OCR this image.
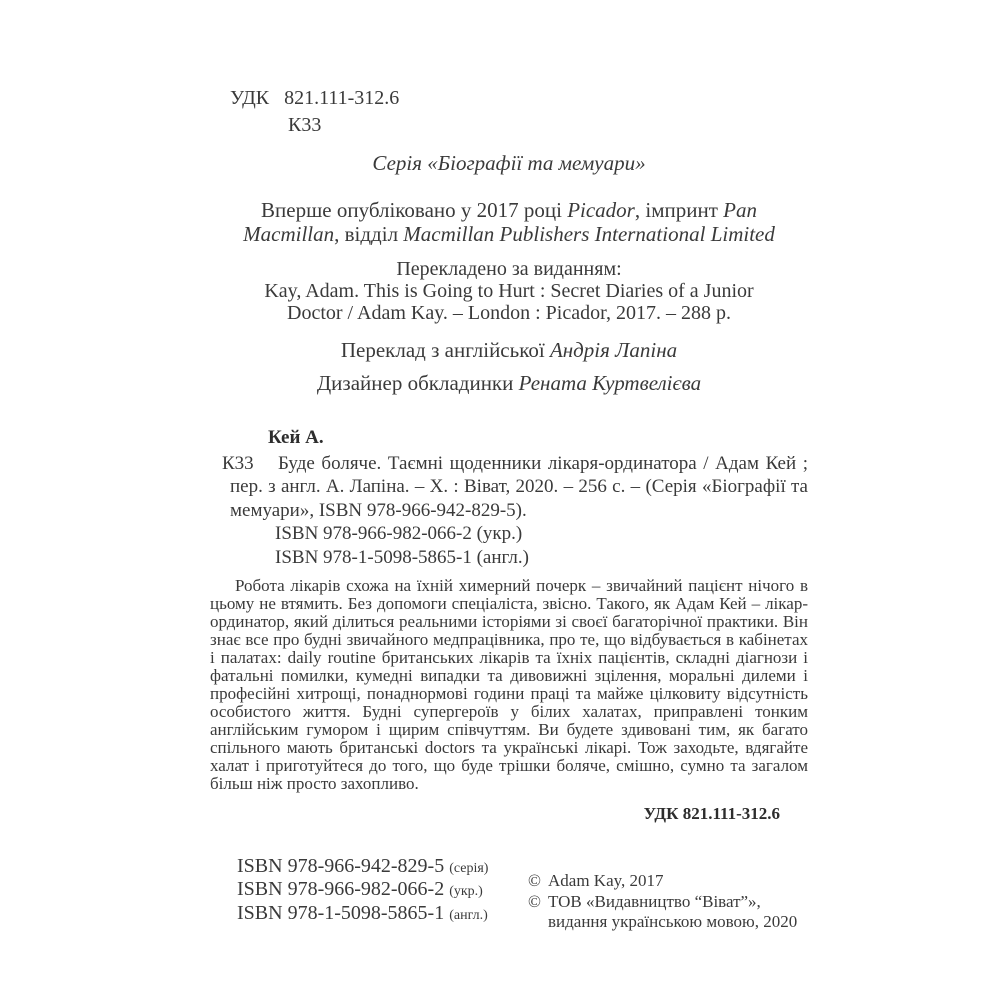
УДК 821.111-312.6
К33
Серія «Біографії та мемуари»
Вперше опубліковано у 2017 році Picador, імпринт Pan
Macmillan, відділ Macmillan Publishers International Limited
Перекладено за виданням:
Kay, Adam. This is Going to Hurt : Secret Diaries of a Junior
Doctor / Adam Kay. – London : Picador, 2017. – 288 p.
Переклад з англійської Андрія Лапіна
Дизайнер обкладинки Рената Куртвелієва
Кей А.
К33	Буде боляче. Таємні щоденники лікаря-ординатора / Адам Кей ; пер. з англ. А. Лапіна. – Х. : Віват, 2020. – 256 с. – (Серія «Біографії та мемуари», ISBN 978-966-942-829-5).

ISBN 978-966-982-066-2 (укр.)
ISBN 978-1-5098-5865-1 (англ.)

Робота лікарів схожа на їхній химерний почерк – звичайний пацієнт нічого в цьому не втямить. Без допомоги спеціаліста, звісно. Такого, як Адам Кей – лікар-ординатор, який ділиться реальними історіями зі своєї багаторічної практики. Він знає все про будні звичайного медпрацівника, про те, що відбувається в кабінетах і палатах: daily routine британських лікарів та їхніх пацієнтів, складні діагнози і фатальні помилки, кумедні випадки та дивовижні зцілення, моральні дилеми і професійні хитрощі, понаднормові години праці та майже цілковиту відсутність особистого життя. Будні супергероїв у білих халатах, приправлені тонким англійським гумором і щирим співчуттям. Ви будете здивовані тим, як багато спільного мають британські doctors та українські лікарі. Тож заходьте, вдягайте халат і приготуйтеся до того, що буде трішки боляче, смішно, сумно та загалом більш ніж просто захопливо.

УДК 821.111-312.6
ISBN 978-966-942-829-5 (серія)
ISBN 978-966-982-066-2 (укр.)
ISBN 978-1-5098-5865-1 (англ.)
© Adam Kay, 2017
© ТОВ «Видавництво “Віват”», видання українською мовою, 2020
